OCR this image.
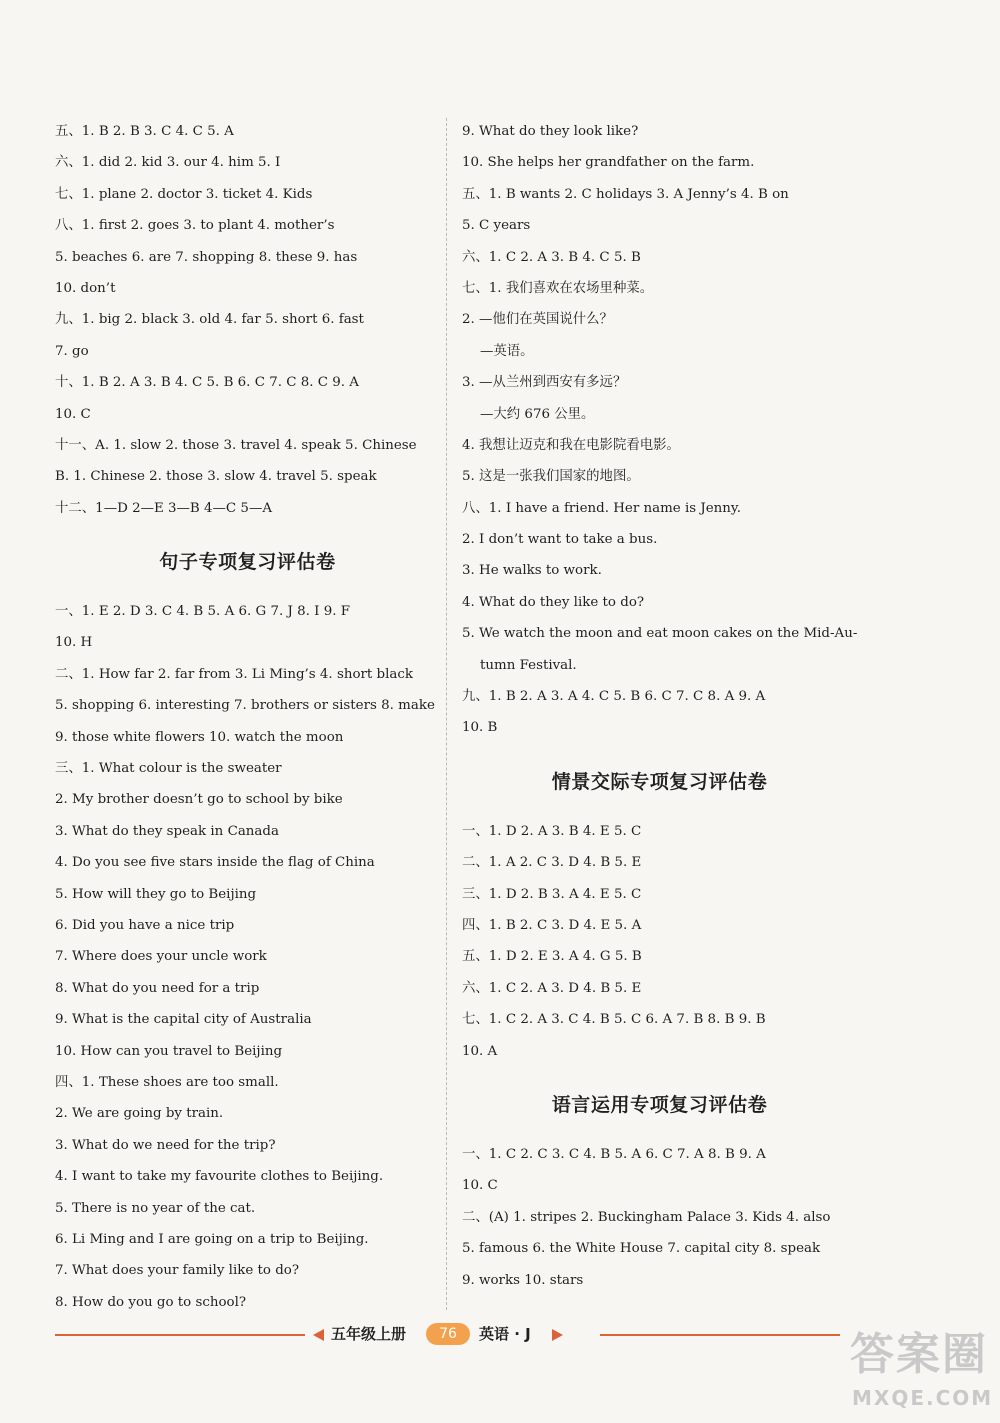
五、1. B 2. B 3. C 4. C 5. A
六、1. did 2. kid 3. our 4. him 5. I
七、1. plane 2. doctor 3. ticket 4. Kids
八、1. first 2. goes 3. to plant 4. mother’s
5. beaches 6. are 7. shopping 8. these 9. has
10. don’t
九、1. big 2. black 3. old 4. far 5. short 6. fast
7. go
十、1. B 2. A 3. B 4. C 5. B 6. C 7. C 8. C 9. A
10. C
十一、A. 1. slow 2. those 3. travel 4. speak 5. Chinese
B. 1. Chinese 2. those 3. slow 4. travel 5. speak
十二、1—D 2—E 3—B 4—C 5—A
句子专项复习评估卷
一、1. E 2. D 3. C 4. B 5. A 6. G 7. J 8. I 9. F
10. H
二、1. How far 2. far from 3. Li Ming’s 4. short black
5. shopping 6. interesting 7. brothers or sisters 8. make
9. those white flowers 10. watch the moon
三、1. What colour is the sweater
2. My brother doesn’t go to school by bike
3. What do they speak in Canada
4. Do you see five stars inside the flag of China
5. How will they go to Beijing
6. Did you have a nice trip
7. Where does your uncle work
8. What do you need for a trip
9. What is the capital city of Australia
10. How can you travel to Beijing
四、1. These shoes are too small.
2. We are going by train.
3. What do we need for the trip?
4. I want to take my favourite clothes to Beijing.
5. There is no year of the cat.
6. Li Ming and I are going on a trip to Beijing.
7. What does your family like to do?
8. How do you go to school?
9. What do they look like?
10. She helps her grandfather on the farm.
五、1. B wants 2. C holidays 3. A Jenny’s 4. B on
5. C years
六、1. C 2. A 3. B 4. C 5. B
七、1. 我们喜欢在农场里种菜。
2. —他们在英国说什么？
—英语。
3. —从兰州到西安有多远？
—大约 676 公里。
4. 我想让迈克和我在电影院看电影。
5. 这是一张我们国家的地图。
八、1. I have a friend. Her name is Jenny.
2. I don’t want to take a bus.
3. He walks to work.
4. What do they like to do?
5. We watch the moon and eat moon cakes on the Mid-Au-
tumn Festival.
九、1. B 2. A 3. A 4. C 5. B 6. C 7. C 8. A 9. A
10. B
情景交际专项复习评估卷
一、1. D 2. A 3. B 4. E 5. C
二、1. A 2. C 3. D 4. B 5. E
三、1. D 2. B 3. A 4. E 5. C
四、1. B 2. C 3. D 4. E 5. A
五、1. D 2. E 3. A 4. G 5. B
六、1. C 2. A 3. D 4. B 5. E
七、1. C 2. A 3. C 4. B 5. C 6. A 7. B 8. B 9. B
10. A
语言运用专项复习评估卷
一、1. C 2. C 3. C 4. B 5. A 6. C 7. A 8. B 9. A
10. C
二、(A) 1. stripes 2. Buckingham Palace 3. Kids 4. also
5. famous 6. the White House 7. capital city 8. speak
9. works 10. stars
五年级上册	76	英语 · J	答案圈
MXQE.COM
